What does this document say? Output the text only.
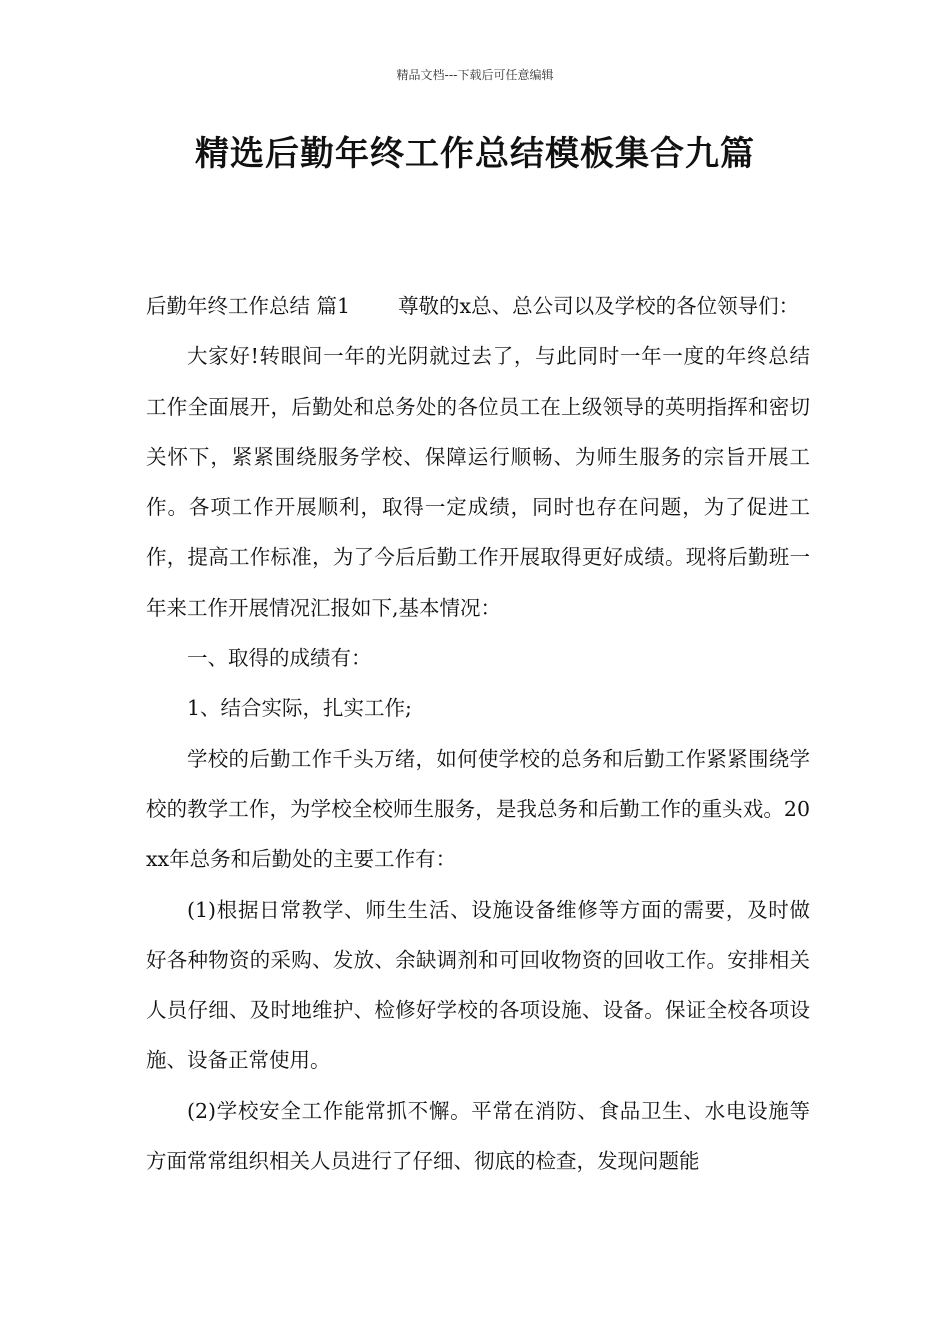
精品文档---下载后可任意编辑
精选后勤年终工作总结模板集合九篇

后勤年终工作总结 篇1 尊敬的x总、总公司以及学校的各位领导们：

大家好!转眼间一年的光阴就过去了，与此同时一年一度的年终总结工作全面展开，后勤处和总务处的各位员工在上级领导的英明指挥和密切关怀下，紧紧围绕服务学校、保障运行顺畅、为师生服务的宗旨开展工作。各项工作开展顺利，取得一定成绩，同时也存在问题，为了促进工作，提高工作标准，为了今后后勤工作开展取得更好成绩。现将后勤班一年来工作开展情况汇报如下,基本情况：

一、取得的成绩有：

1、结合实际，扎实工作;

学校的后勤工作千头万绪，如何使学校的总务和后勤工作紧紧围绕学校的教学工作，为学校全校师生服务，是我总务和后勤工作的重头戏。20xx年总务和后勤处的主要工作有：

(1)根据日常教学、师生生活、设施设备维修等方面的需要，及时做好各种物资的采购、发放、余缺调剂和可回收物资的回收工作。安排相关人员仔细、及时地维护、检修好学校的各项设施、设备。保证全校各项设施、设备正常使用。

(2)学校安全工作能常抓不懈。平常在消防、食品卫生、水电设施等方面常常组织相关人员进行了仔细、彻底的检查，发现问题能
